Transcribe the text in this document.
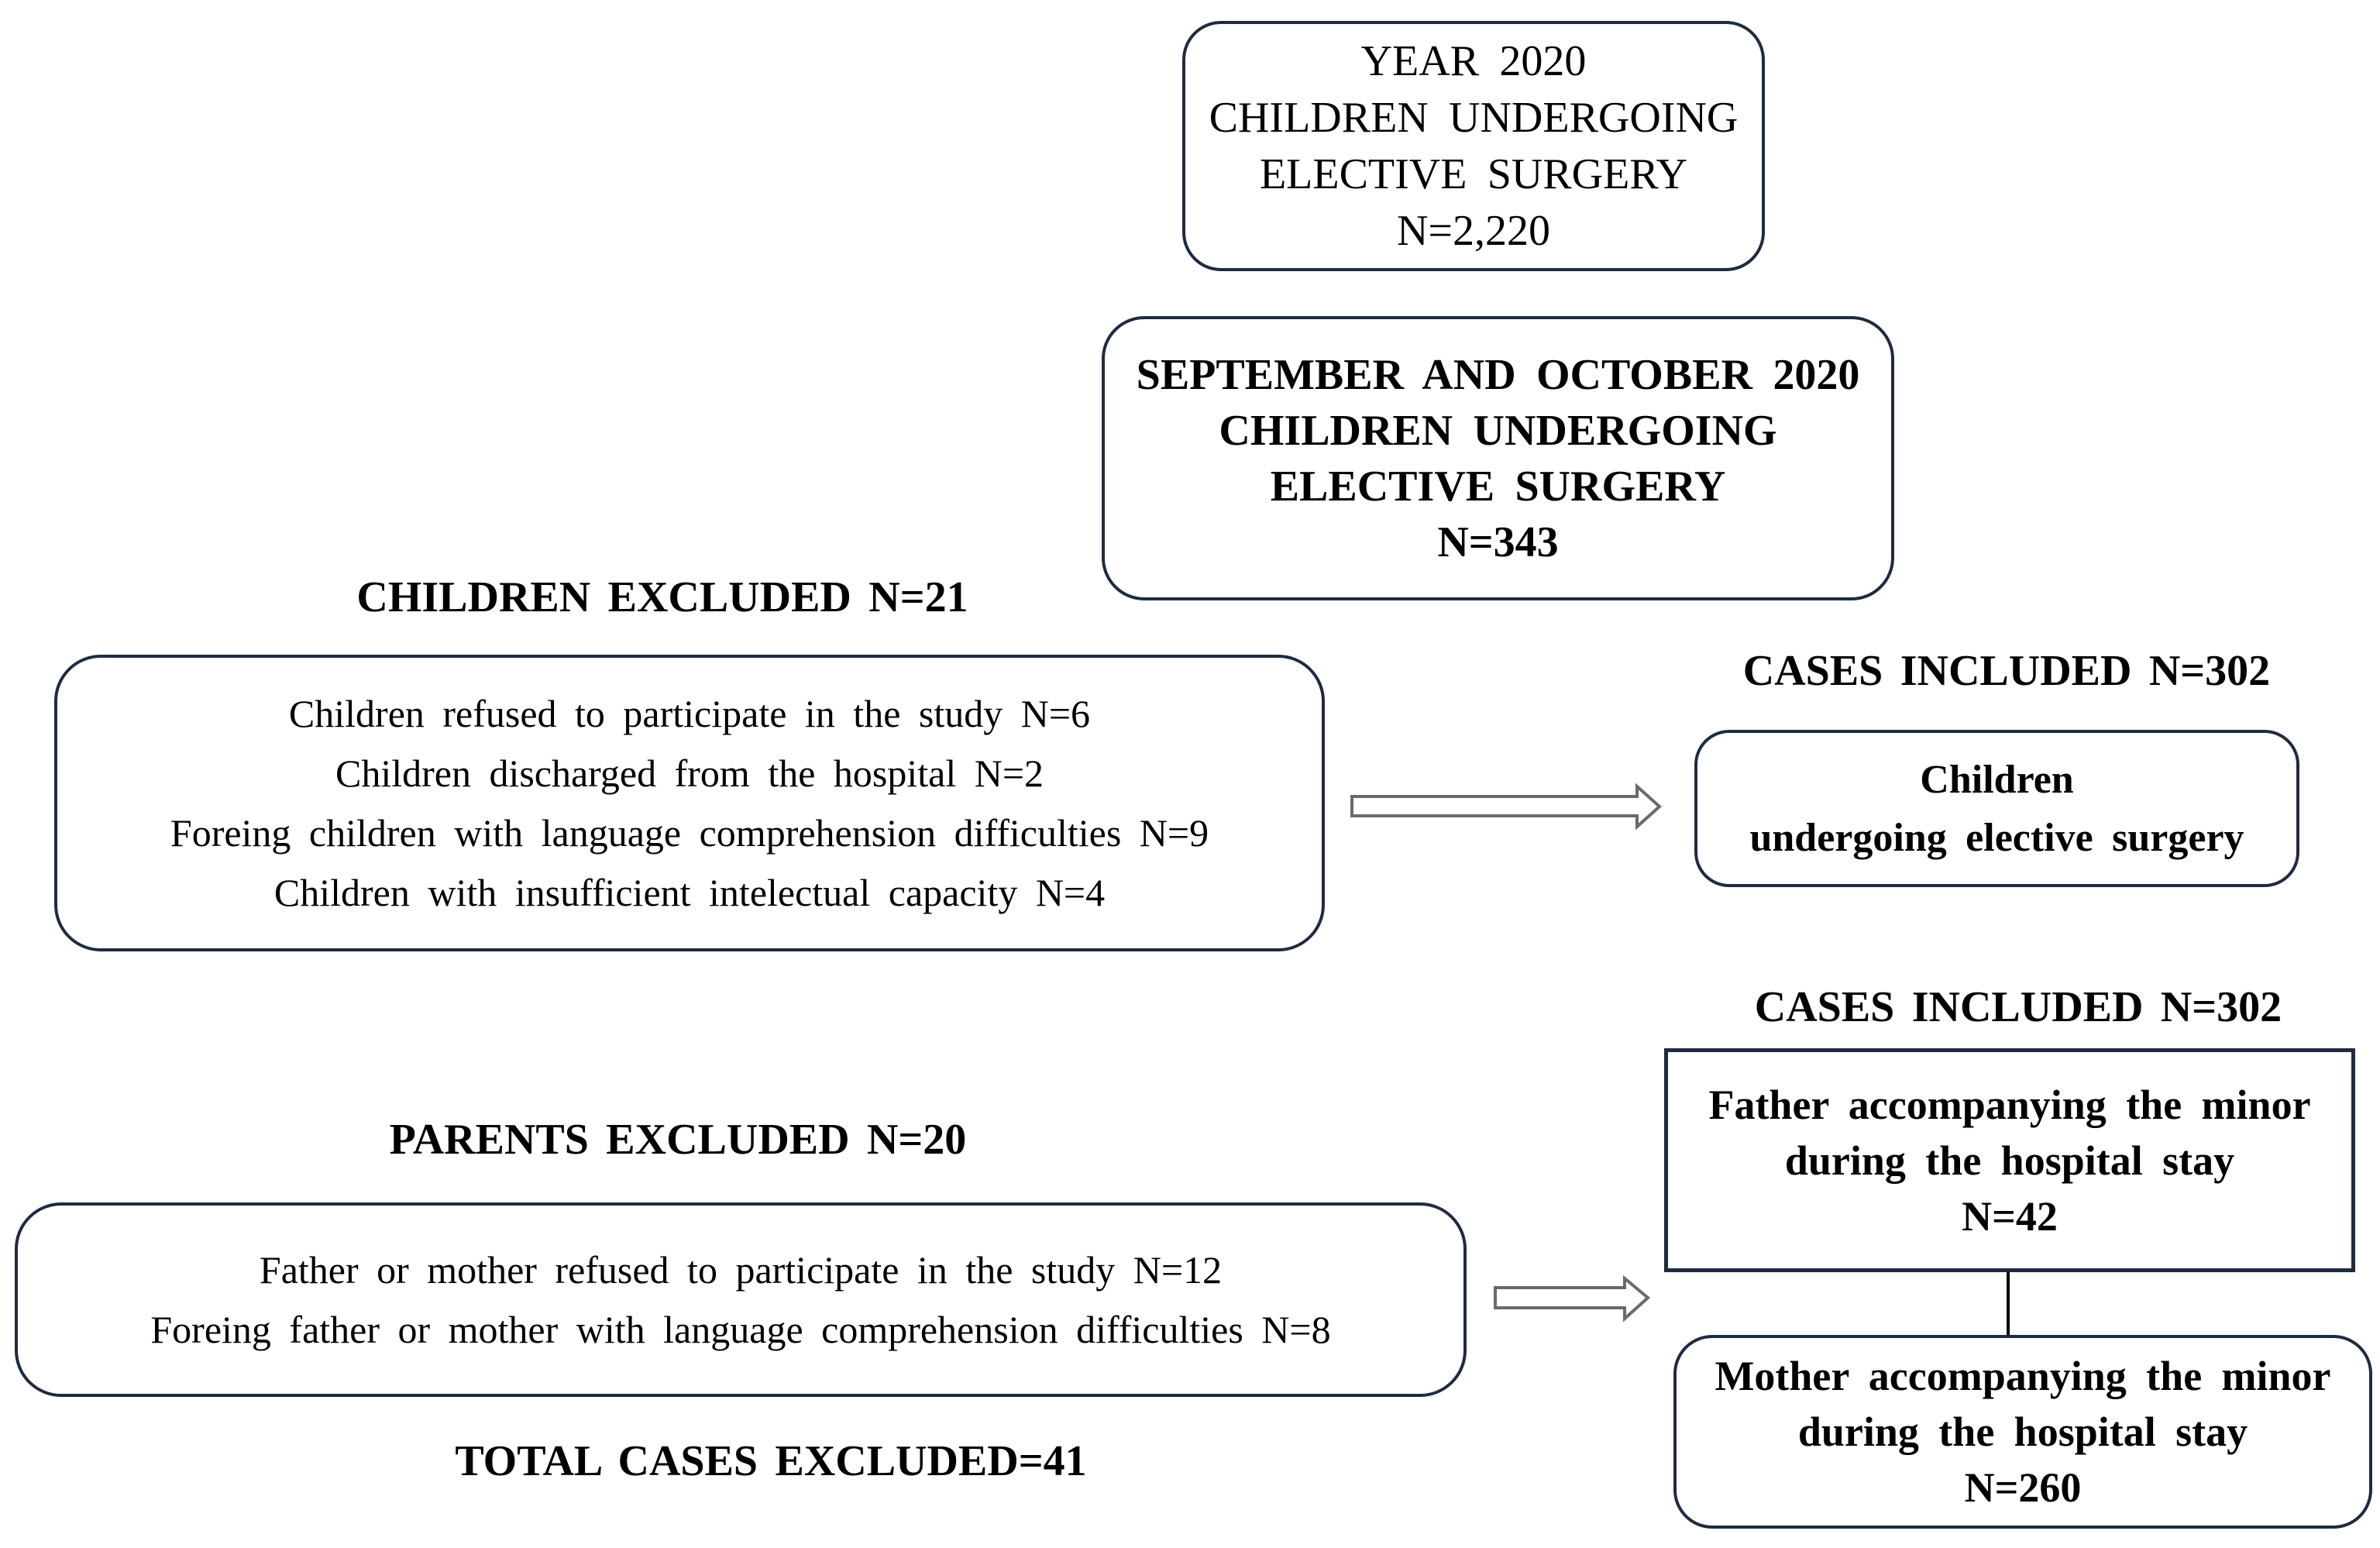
YEAR 2020
CHILDREN UNDERGOING
ELECTIVE SURGERY
N=2,220
SEPTEMBER AND OCTOBER 2020
CHILDREN UNDERGOING
ELECTIVE SURGERY
N=343
CHILDREN EXCLUDED N=21
Children refused to participate in the study N=6
Children discharged from the hospital N=2
Foreing children with language comprehension difficulties N=9
Children with insufficient intelectual capacity N=4
CASES INCLUDED N=302
Children
undergoing elective surgery
CASES INCLUDED N=302
Father accompanying the minor
during the hospital stay
N=42
Mother accompanying the minor
during the hospital stay
N=260
PARENTS EXCLUDED N=20
Father or mother refused to participate in the study N=12
Foreing father or mother with language comprehension difficulties N=8
TOTAL CASES EXCLUDED=41
